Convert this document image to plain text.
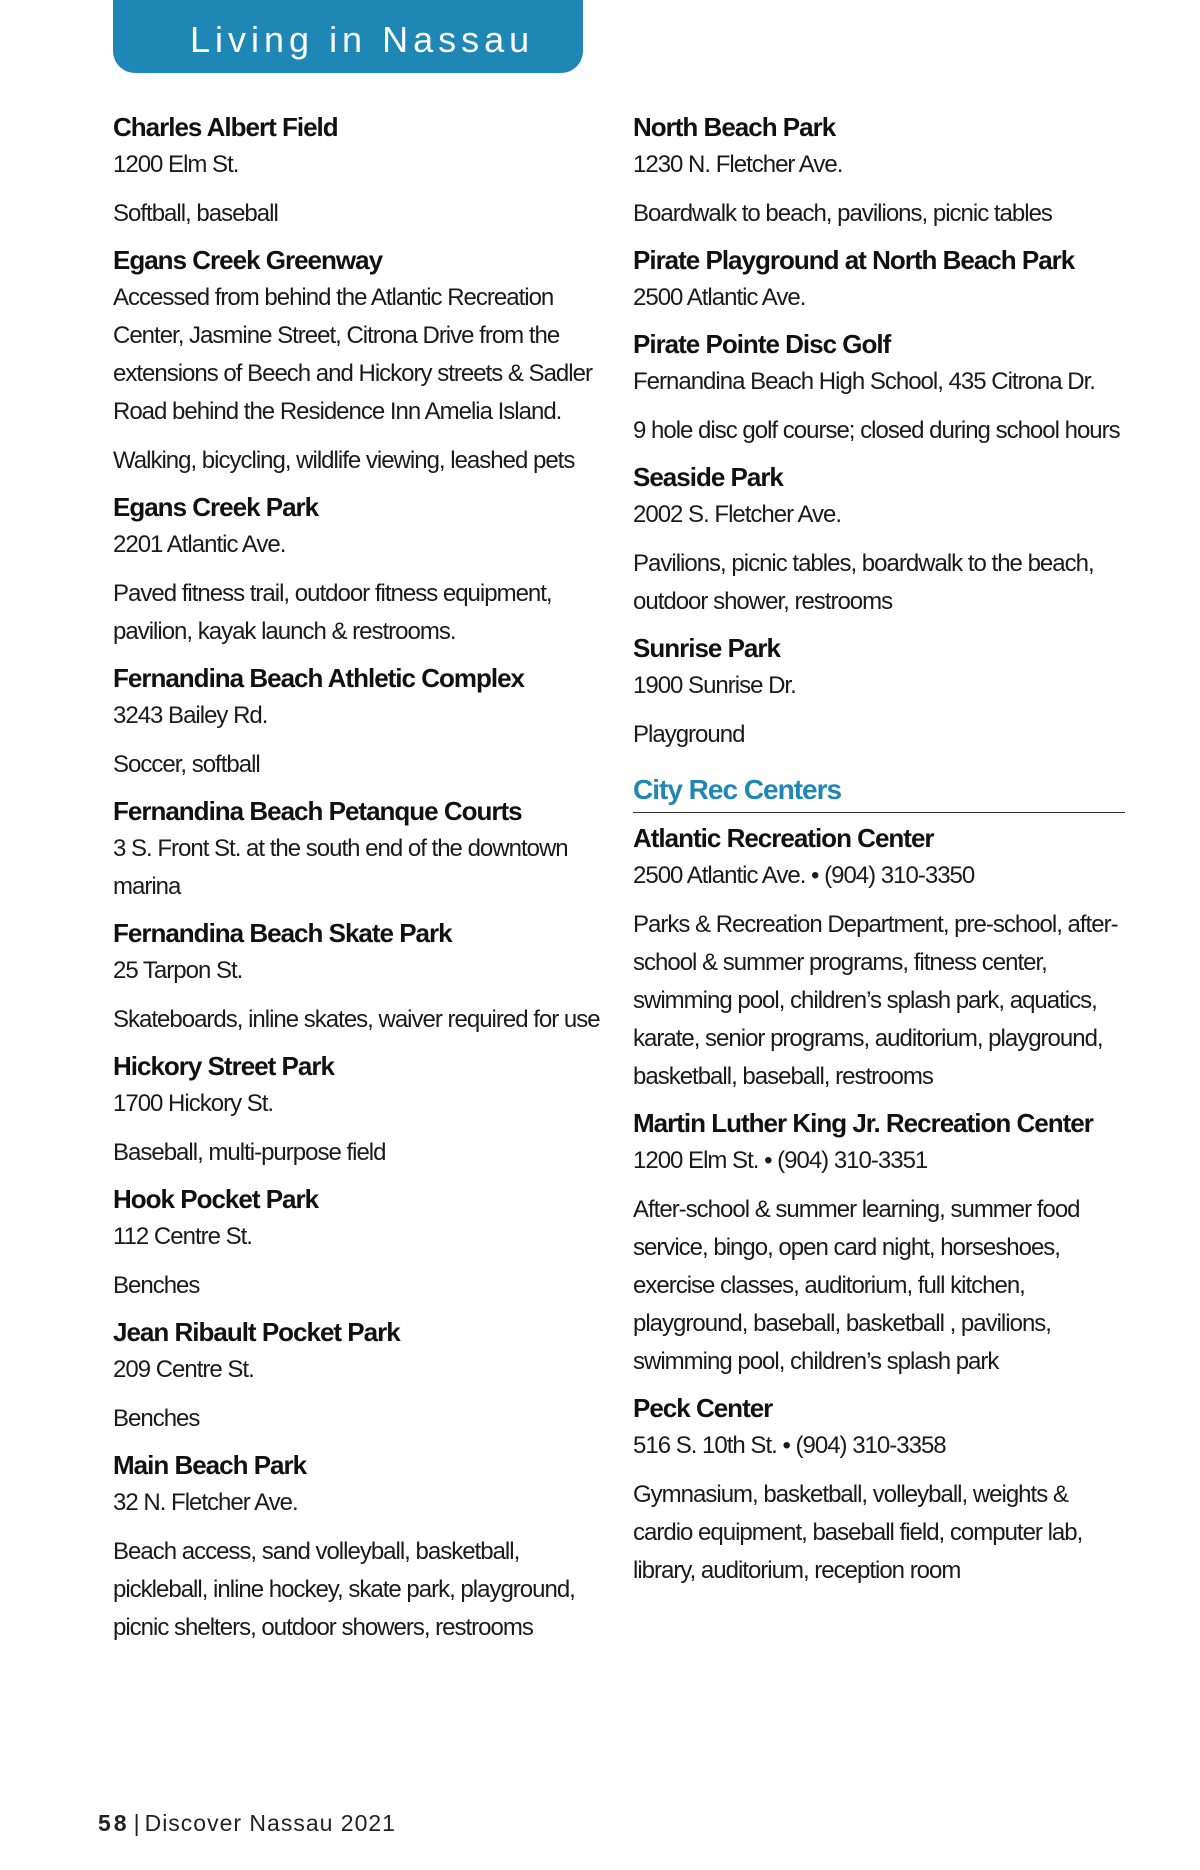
Living in Nassau
Charles Albert Field
1200 Elm St.
Softball, baseball
Egans Creek Greenway
Accessed from behind the Atlantic Recreation Center, Jasmine Street, Citrona Drive from the extensions of Beech and Hickory streets & Sadler Road behind the Residence Inn Amelia Island.
Walking, bicycling, wildlife viewing, leashed pets
Egans Creek Park
2201 Atlantic Ave.
Paved fitness trail, outdoor fitness equipment, pavilion, kayak launch & restrooms.
Fernandina Beach Athletic Complex
3243 Bailey Rd.
Soccer, softball
Fernandina Beach Petanque Courts
3 S. Front St. at the south end of the downtown marina
Fernandina Beach Skate Park
25 Tarpon St.
Skateboards, inline skates, waiver required for use
Hickory Street Park
1700 Hickory St.
Baseball, multi-purpose field
Hook Pocket Park
112 Centre St.
Benches
Jean Ribault Pocket Park
209 Centre St.
Benches
Main Beach Park
32 N. Fletcher Ave.
Beach access, sand volleyball, basketball, pickleball, inline hockey, skate park, playground, picnic shelters, outdoor showers, restrooms
North Beach Park
1230 N. Fletcher Ave.
Boardwalk to beach, pavilions, picnic tables
Pirate Playground at North Beach Park
2500 Atlantic Ave.
Pirate Pointe Disc Golf
Fernandina Beach High School, 435 Citrona Dr.
9 hole disc golf course; closed during school hours
Seaside Park
2002 S. Fletcher Ave.
Pavilions, picnic tables, boardwalk to the beach, outdoor shower, restrooms
Sunrise Park
1900 Sunrise Dr.
Playground
City Rec Centers
Atlantic Recreation Center
2500 Atlantic Ave. • (904) 310-3350
Parks & Recreation Department, pre-school, after-school & summer programs, fitness center, swimming pool, children’s splash park, aquatics, karate, senior programs, auditorium, playground, basketball, baseball, restrooms
Martin Luther King Jr. Recreation Center
1200 Elm St. • (904) 310-3351
After-school & summer learning, summer food service, bingo, open card night, horseshoes, exercise classes, auditorium, full kitchen, playground, baseball, basketball , pavilions, swimming pool, children’s splash park
Peck Center
516 S. 10th St. • (904) 310-3358
Gymnasium, basketball, volleyball, weights & cardio equipment, baseball field, computer lab, library, auditorium, reception room
58 | Discover Nassau 2021
